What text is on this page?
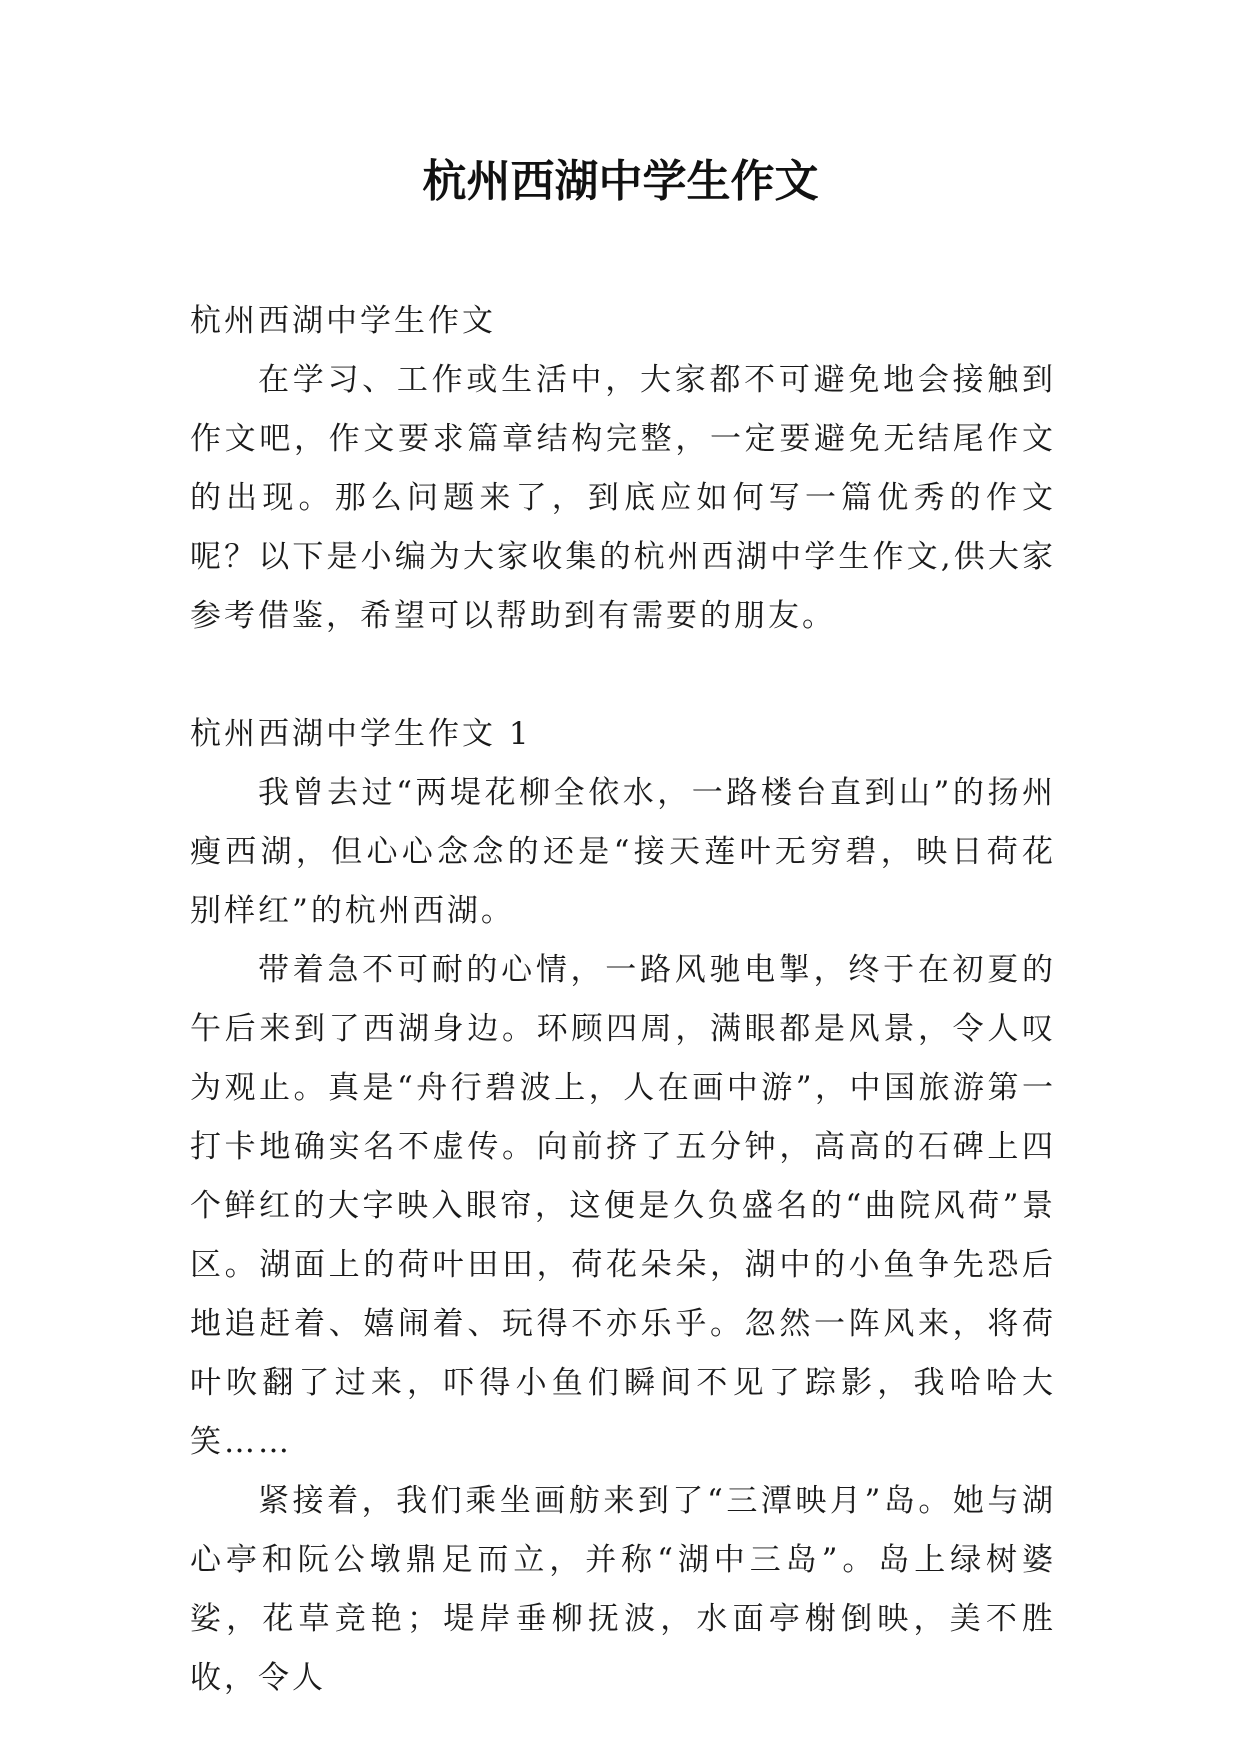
杭州西湖中学生作文

杭州西湖中学生作文

在学习、工作或生活中，大家都不可避免地会接触到作文吧，作文要求篇章结构完整，一定要避免无结尾作文的出现。那么问题来了，到底应如何写一篇优秀的作文呢？以下是小编为大家收集的杭州西湖中学生作文,供大家参考借鉴，希望可以帮助到有需要的朋友。

杭州西湖中学生作文 1

我曾去过“两堤花柳全依水，一路楼台直到山”的扬州瘦西湖，但心心念念的还是“接天莲叶无穷碧，映日荷花别样红”的杭州西湖。

带着急不可耐的心情，一路风驰电掣，终于在初夏的午后来到了西湖身边。环顾四周，满眼都是风景，令人叹为观止。真是“舟行碧波上，人在画中游”，中国旅游第一打卡地确实名不虚传。向前挤了五分钟，高高的石碑上四个鲜红的大字映入眼帘，这便是久负盛名的“曲院风荷”景区。湖面上的荷叶田田，荷花朵朵，湖中的小鱼争先恐后地追赶着、嬉闹着、玩得不亦乐乎。忽然一阵风来，将荷叶吹翻了过来，吓得小鱼们瞬间不见了踪影，我哈哈大笑……

紧接着，我们乘坐画舫来到了“三潭映月”岛。她与湖心亭和阮公墩鼎足而立，并称“湖中三岛”。岛上绿树婆娑，花草竞艳；堤岸垂柳抚波，水面亭榭倒映，美不胜收，令人
